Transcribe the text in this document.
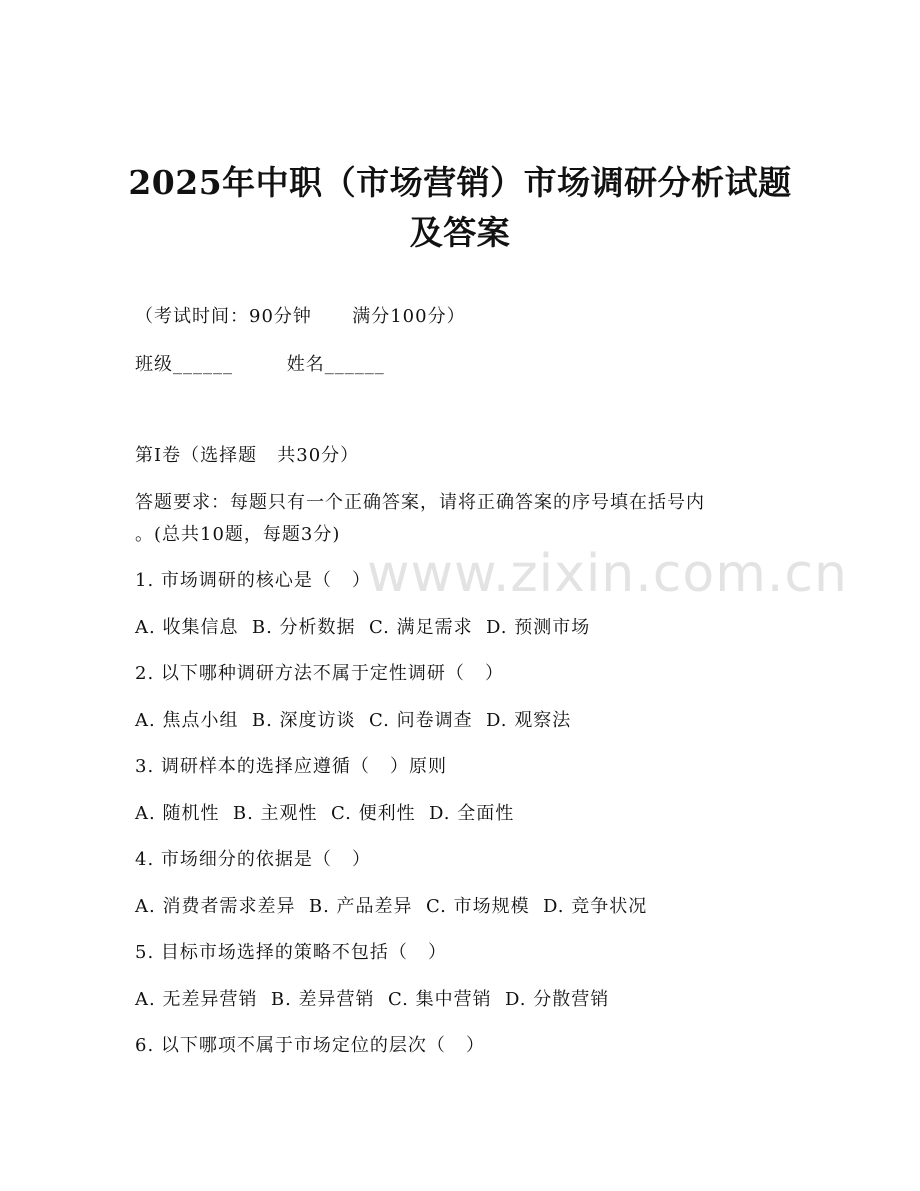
www.zixin.com.cn
2025年中职（市场营销）市场调研分析试题
及答案
（考试时间：90分钟      满分100分）
班级______        姓名______
第I卷（选择题   共30分）
答题要求：每题只有一个正确答案，请将正确答案的序号填在括号内
。(总共10题，每题3分)
1. 市场调研的核心是（   ）
A. 收集信息  B. 分析数据  C. 满足需求  D. 预测市场
2. 以下哪种调研方法不属于定性调研（   ）
A. 焦点小组  B. 深度访谈  C. 问卷调查  D. 观察法
3. 调研样本的选择应遵循（   ）原则
A. 随机性  B. 主观性  C. 便利性  D. 全面性
4. 市场细分的依据是（   ）
A. 消费者需求差异  B. 产品差异  C. 市场规模  D. 竞争状况
5. 目标市场选择的策略不包括（   ）
A. 无差异营销  B. 差异营销  C. 集中营销  D. 分散营销
6. 以下哪项不属于市场定位的层次（   ）
